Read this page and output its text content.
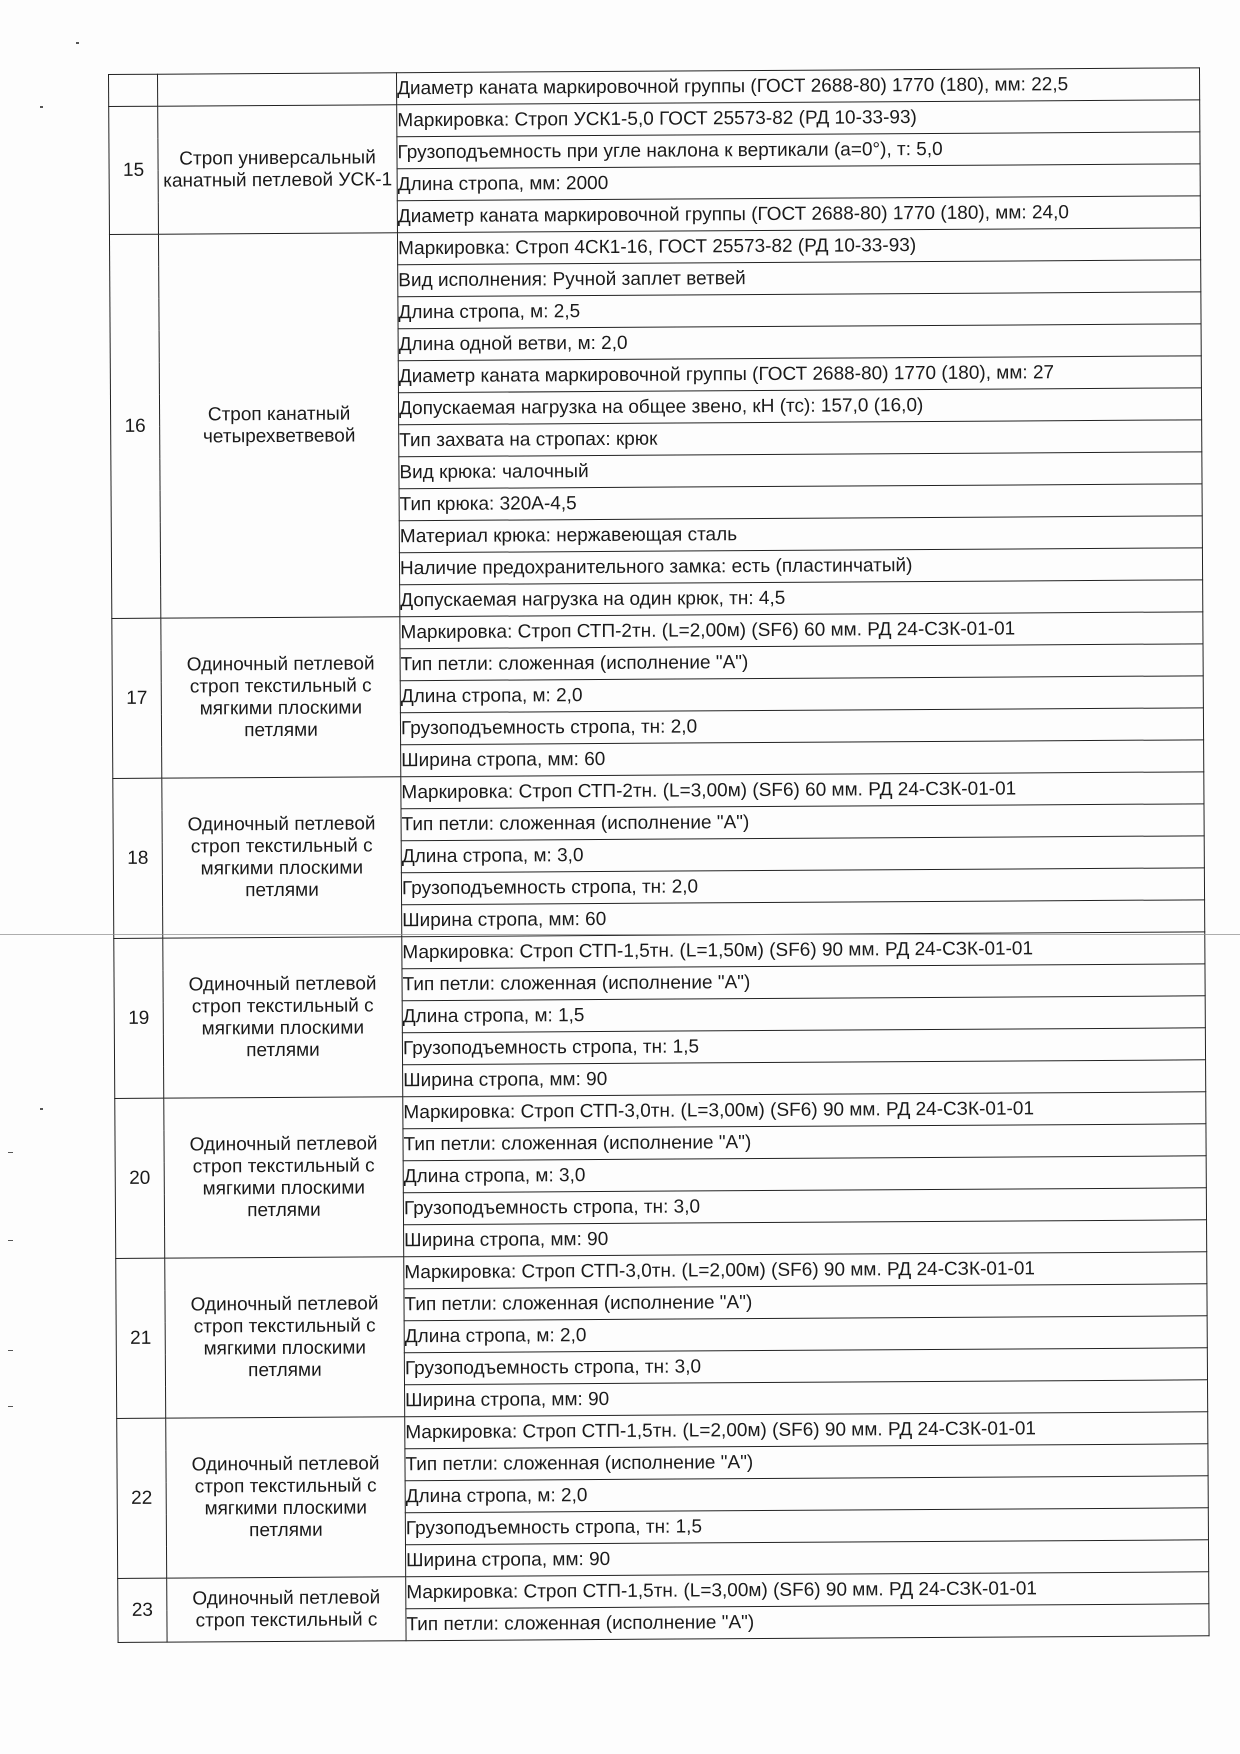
		Диаметр каната маркировочной группы (ГОСТ 2688-80) 1770 (180), мм: 22,5
15	Строп универсальный канатный петлевой УСК-1	Маркировка: Строп УСК1-5,0 ГОСТ 25573-82 (РД 10-33-93)
		Грузоподъемность при угле наклона к вертикали (a=0°), т: 5,0
		Длина стропа, мм: 2000
		Диаметр каната маркировочной группы (ГОСТ 2688-80) 1770 (180), мм: 24,0
16	Строп канатный четырехветвевой	Маркировка: Строп 4СК1-16, ГОСТ 25573-82 (РД 10-33-93)
		Вид исполнения: Ручной заплет ветвей
		Длина стропа, м: 2,5
		Длина одной ветви, м: 2,0
		Диаметр каната маркировочной группы (ГОСТ 2688-80) 1770 (180), мм: 27
		Допускаемая нагрузка на общее звено, кН (тс): 157,0 (16,0)
		Тип захвата на стропах: крюк
		Вид крюка: чалочный
		Тип крюка: 320А-4,5
		Материал крюка: нержавеющая сталь
		Наличие предохранительного замка: есть (пластинчатый)
		Допускаемая нагрузка на один крюк, тн: 4,5
17	Одиночный петлевой строп текстильный с мягкими плоскими петлями	Маркировка: Строп СТП-2тн. (L=2,00м) (SF6) 60 мм. РД 24-СЗК-01-01
		Тип петли: сложенная (исполнение "А")
		Длина стропа, м: 2,0
		Грузоподъемность стропа, тн: 2,0
		Ширина стропа, мм: 60
18	Одиночный петлевой строп текстильный с мягкими плоскими петлями	Маркировка: Строп СТП-2тн. (L=3,00м) (SF6) 60 мм. РД 24-СЗК-01-01
		Тип петли: сложенная (исполнение "А")
		Длина стропа, м: 3,0
		Грузоподъемность стропа, тн: 2,0
		Ширина стропа, мм: 60
19	Одиночный петлевой строп текстильный с мягкими плоскими петлями	Маркировка: Строп СТП-1,5тн. (L=1,50м) (SF6) 90 мм. РД 24-СЗК-01-01
		Тип петли: сложенная (исполнение "А")
		Длина стропа, м: 1,5
		Грузоподъемность стропа, тн: 1,5
		Ширина стропа, мм: 90
20	Одиночный петлевой строп текстильный с мягкими плоскими петлями	Маркировка: Строп СТП-3,0тн. (L=3,00м) (SF6) 90 мм. РД 24-СЗК-01-01
		Тип петли: сложенная (исполнение "А")
		Длина стропа, м: 3,0
		Грузоподъемность стропа, тн: 3,0
		Ширина стропа, мм: 90
21	Одиночный петлевой строп текстильный с мягкими плоскими петлями	Маркировка: Строп СТП-3,0тн. (L=2,00м) (SF6) 90 мм. РД 24-СЗК-01-01
		Тип петли: сложенная (исполнение "А")
		Длина стропа, м: 2,0
		Грузоподъемность стропа, тн: 3,0
		Ширина стропа, мм: 90
22	Одиночный петлевой строп текстильный с мягкими плоскими петлями	Маркировка: Строп СТП-1,5тн. (L=2,00м) (SF6) 90 мм. РД 24-СЗК-01-01
		Тип петли: сложенная (исполнение "А")
		Длина стропа, м: 2,0
		Грузоподъемность стропа, тн: 1,5
		Ширина стропа, мм: 90
23	Одиночный петлевой строп текстильный с	Маркировка: Строп СТП-1,5тн. (L=3,00м) (SF6) 90 мм. РД 24-СЗК-01-01
		Тип петли: сложенная (исполнение "А")
